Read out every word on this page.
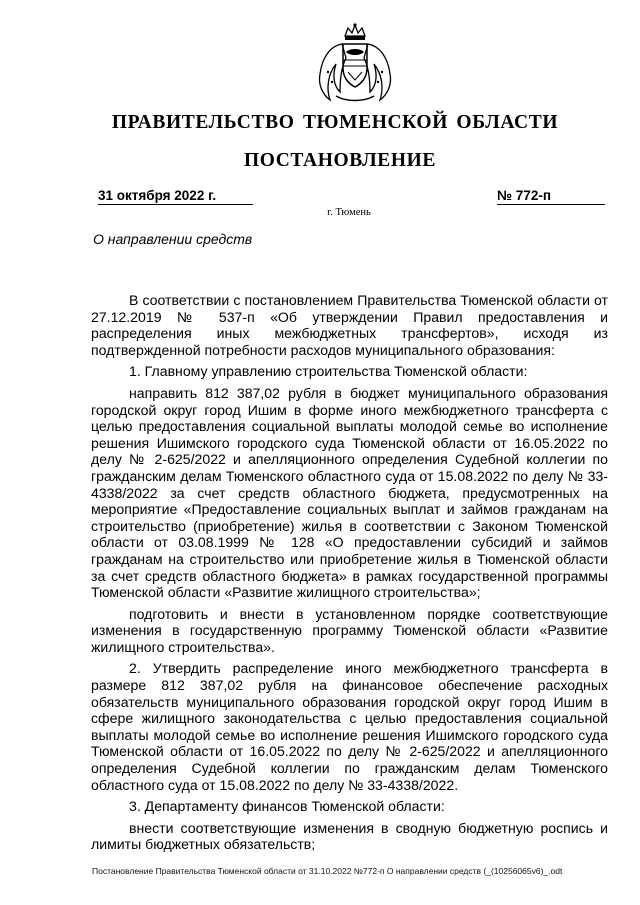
ПРАВИТЕЛЬСТВО ТЮМЕНСКОЙ ОБЛАСТИ
ПОСТАНОВЛЕНИЕ
31 октября 2022 г.	№ 772-п
г. Тюмень
О направлении средств

В соответствии с постановлением Правительства Тюменской области от 27.12.2019 № 537-п «Об утверждении Правил предоставления и распределения иных межбюджетных трансфертов», исходя из подтвержденной потребности расходов муниципального образования:

1. Главному управлению строительства Тюменской области:

направить 812 387,02 рубля в бюджет муниципального образования городской округ город Ишим в форме иного межбюджетного трансферта с целью предоставления социальной выплаты молодой семье во исполнение решения Ишимского городского суда Тюменской области от 16.05.2022 по делу № 2-625/2022 и апелляционного определения Судебной коллегии по гражданским делам Тюменского областного суда от 15.08.2022 по делу № 33-4338/2022 за счет средств областного бюджета, предусмотренных на мероприятие «Предоставление социальных выплат и займов гражданам на строительство (приобретение) жилья в соответствии с Законом Тюменской области от 03.08.1999 № 128 «О предоставлении субсидий и займов гражданам на строительство или приобретение жилья в Тюменской области за счет средств областного бюджета» в рамках государственной программы Тюменской области «Развитие жилищного строительства»;

подготовить и внести в установленном порядке соответствующие изменения в государственную программу Тюменской области «Развитие жилищного строительства».

2. Утвердить распределение иного межбюджетного трансферта в размере 812 387,02 рубля на финансовое обеспечение расходных обязательств муниципального образования городской округ город Ишим в сфере жилищного законодательства с целью предоставления социальной выплаты молодой семье во исполнение решения Ишимского городского суда Тюменской области от 16.05.2022 по делу № 2-625/2022 и апелляционного определения Судебной коллегии по гражданским делам Тюменского областного суда от 15.08.2022 по делу № 33-4338/2022.

3. Департаменту финансов Тюменской области:

внести соответствующие изменения в сводную бюджетную роспись и лимиты бюджетных обязательств;

Постановление Правительства Тюменской области от 31.10.2022 №772-п О направлении средств (_(10256065v6)_.odt
